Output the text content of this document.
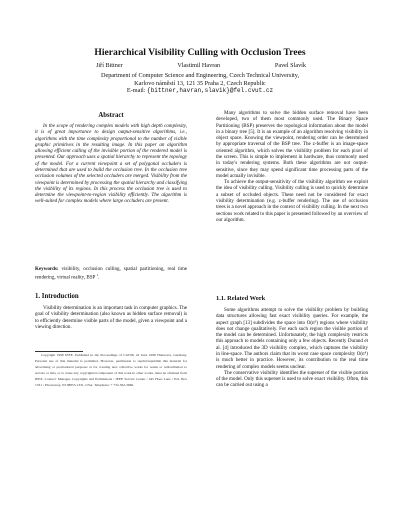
Hierarchical Visibility Culling with Occlusion Trees
Jiří Bittner	Vlastimil Havran	Pavel Slavík
Department of Computer Science and Engineering, Czech Technical University,
Karlovo náměstí 13, 121 35 Praha 2, Czech Republic
E-mail: {bittner,havran,slavik}@fel.cvut.cz
Abstract
In the scope of rendering complex models with high depth complexity, it is of great importance to design output-sensitive algorithms, i.e., algorithms with the time complexity proportional to the number of visible graphic primitives in the resulting image. In this paper an algorithm allowing efficient culling of the invisible portion of the rendered model is presented. Our approach uses a spatial hierarchy to represent the topology of the model. For a current viewpoint a set of polygonal occluders is determined that are used to build the occlusion tree. In the occlusion tree occlusion volumes of the selected occluders are merged. Visibility from the viewpoint is determined by processing the spatial hierarchy and classifying the visibility of its regions. In this process the occlusion tree is used to determine the viewpoint-to-region visibility efficiently. The algorithm is well-suited for complex models where large occluders are present.
Keywords: visibility, occlusion culling, spatial partitioning, real time rendering, virtual reality, BSP $^1$.
1. Introduction
Visibility determination is an important task in computer graphics. The goal of visibility determination (also known as hidden surface removal) is to efficiently determine visible parts of the model, given a viewpoint and a viewing direction.
Copyright 1998 IEEE. Published in the Proceedings of CGI'98, 22 June 1998 Hannover, Germany. Personal use of this material is permitted. However, permission to reprint/republish this material for advertising or promotional purposes or for creating new collective works for resale or redistribution to servers or lists, or to reuse any copyrighted component of this work in other works, must be obtained from IEEE. Contact: Manager, Copyrights and Permissions / IEEE Service Center / 445 Hoes Lane / P.O. Box 1331 / Piscataway, NJ 08855-1331, USA. Telephone: + 732-562-3966.

Many algorithms to solve the hidden surface removal have been developed, two of them most commonly used. The Binary Space Partitioning (BSP) preserves the topological information about the model in a binary tree [5]. It is an example of an algorithm resolving visibility in object space. Knowing the viewpoint, rendering order can be determined by appropriate traversal of the BSP tree. The z-buffer is an image-space oriented algorithm, which solves the visibility problem for each pixel of the screen. This is simple to implement in hardware, thus commonly used in today's rendering systems. Both these algorithms are not output-sensitive, since they may spend significant time processing parts of the model actually invisible.

To achieve the output-sensitivity of the visibility algorithm we exploit the idea of visibility culling. Visibility culling is used to quickly determine a subset of occluded objects. These need not be considered for exact visibility determination (e.g. z-buffer rendering). The use of occlusion trees is a novel approach in the context of visibility culling. In the next two sections work related to this paper is presented followed by an overview of our algorithm.

1.1. Related Work

Some algorithms attempt to solve the visibility problem by building data structures allowing fast exact visibility queries. For example, the aspect graph [13] subdivides the space into O(n⁹) regions where visibility does not change qualitatively. For each such region the visible portion of the model can be determined. Unfortunately, the high complexity restricts this approach to models containing only a few objects. Recently Durand et al. [4] introduced the 3D visibility complex, which captures the visibility in line-space. The authors claim that its worst case space complexity O(n⁴) is much better in practice. However, its contribution to the real time rendering of complex models seems unclear.

The conservative visibility identifies the superset of the visible portion of the model. Only this superset is used to solve exact visibility. Often, this can be carried out using a
